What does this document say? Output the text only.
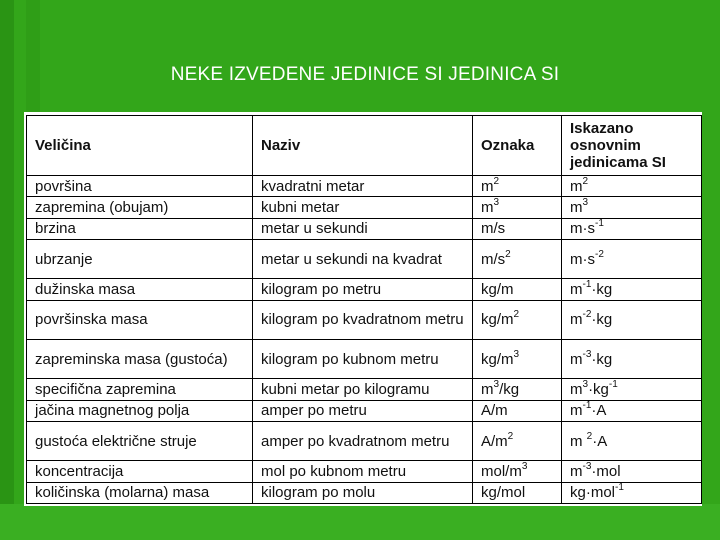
NEKE IZVEDENE JEDINICE SI JEDINICA SI
Veličina	Naziv	Oznaka	Iskazano osnovnim jedinicama SI
površina	kvadratni metar	$m^2$	$m^2$
zapremina (obujam)	kubni metar	$m^3$	$m^3$
brzina	metar u sekundi	m/s	$m\cdot s^{-1}$
ubrzanje	metar u sekundi na kvadrat	$m/s^2$	$m\cdot s^{-2}$
dužinska masa	kilogram po metru	kg/m	$m^{-1}\cdot kg$
površinska masa	kilogram po kvadratnom metru	$kg/m^2$	$m^{-2}\cdot kg$
zapreminska masa (gustoća)	kilogram po kubnom metru	$kg/m^3$	$m^{-3}\cdot kg$
specifična zapremina	kubni metar po kilogramu	$m^3/kg$	$m^3\cdot kg^{-1}$
jačina magnetnog polja	amper po metru	A/m	$m^{-1}\cdot A$
gustoća električne struje	amper po kvadratnom metru	$A/m^2$	m $^2$·A
koncentracija	mol po kubnom metru	mol/$m^3$	$m^{-3}\cdot mol$
količinska (molarna) masa	kilogram po molu	kg/mol	kg·mol$^{-1}$
